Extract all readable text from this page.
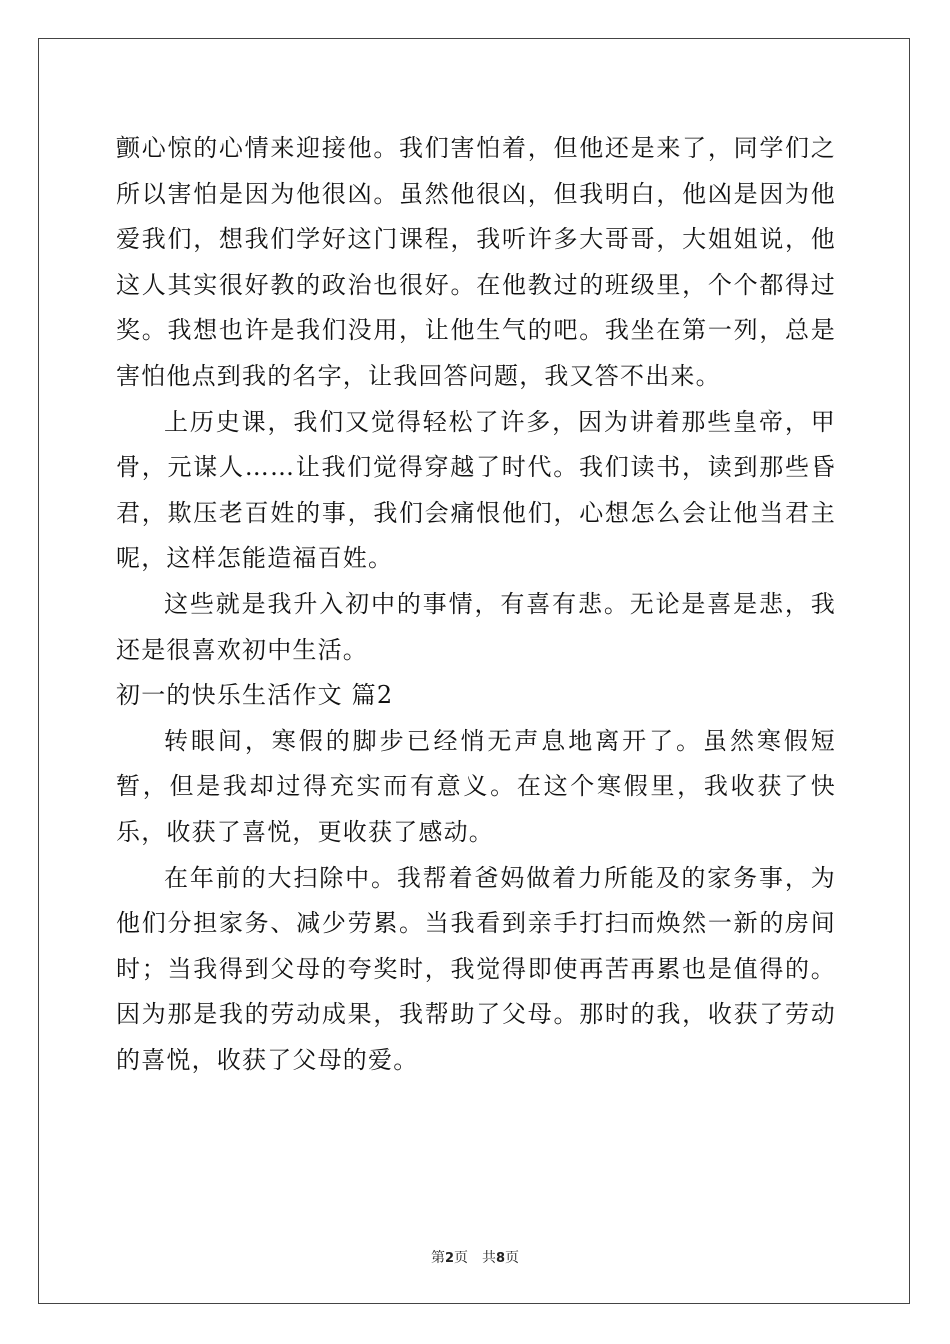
颤心惊的心情来迎接他。我们害怕着，但他还是来了，同学们之所以害怕是因为他很凶。虽然他很凶，但我明白，他凶是因为他爱我们，想我们学好这门课程，我听许多大哥哥，大姐姐说，他这人其实很好教的政治也很好。在他教过的班级里，个个都得过奖。我想也许是我们没用，让他生气的吧。我坐在第一列，总是害怕他点到我的名字，让我回答问题，我又答不出来。

上历史课，我们又觉得轻松了许多，因为讲着那些皇帝，甲骨，元谋人……让我们觉得穿越了时代。我们读书，读到那些昏君，欺压老百姓的事，我们会痛恨他们，心想怎么会让他当君主呢，这样怎能造福百姓。

这些就是我升入初中的事情，有喜有悲。无论是喜是悲，我还是很喜欢初中生活。

初一的快乐生活作文 篇2

转眼间，寒假的脚步已经悄无声息地离开了。虽然寒假短暂，但是我却过得充实而有意义。在这个寒假里，我收获了快乐，收获了喜悦，更收获了感动。

在年前的大扫除中。我帮着爸妈做着力所能及的家务事，为他们分担家务、减少劳累。当我看到亲手打扫而焕然一新的房间时；当我得到父母的夸奖时，我觉得即使再苦再累也是值得的。因为那是我的劳动成果，我帮助了父母。那时的我，收获了劳动的喜悦，收获了父母的爱。

第2页 共8页
